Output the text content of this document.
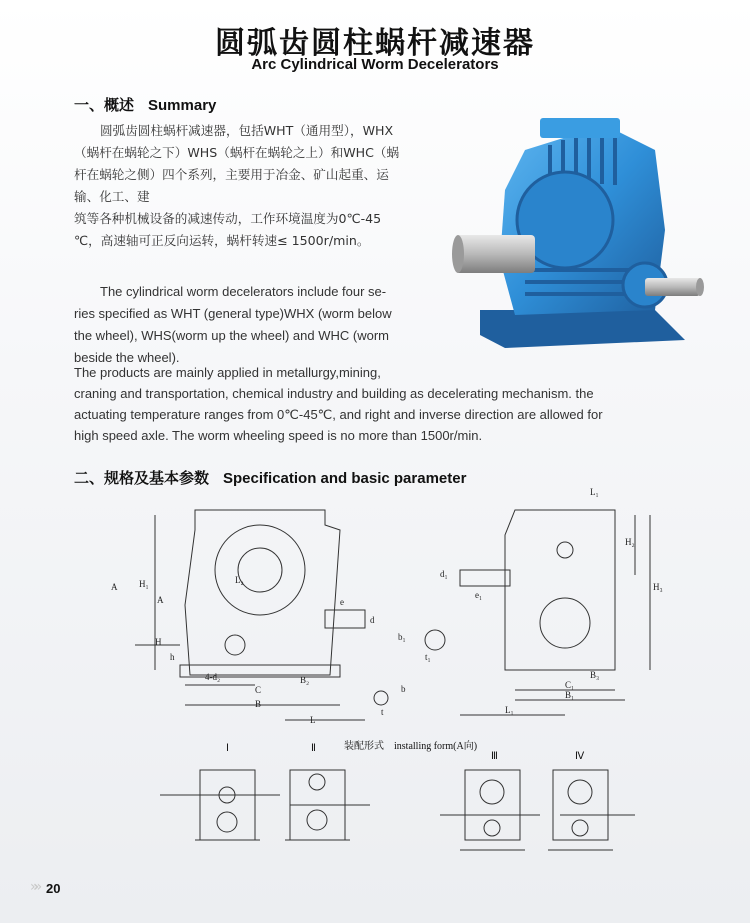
圆弧齿圆柱蜗杆减速器
Arc Cylindrical Worm Decelerators
一、概述 Summary
圆弧齿圆柱蜗杆减速器，包括WHT（通用型），WHX
（蜗杆在蜗轮之下）WHS（蜗杆在蜗轮之上）和WHC（蜗
杆在蜗轮之侧）四个系列，主要用于冶金、矿山起重、运
输、化工、建
筑等各种机械设备的减速传动，工作环境温度为0℃-45
℃，高速轴可正反向运转，蜗杆转速≤ 1500r/min。
The cylindrical worm decelerators include four se-
ries specified as WHT (general type)WHX (worm below
the wheel), WHS(worm up the wheel) and WHC (worm
beside the wheel).
The products are mainly applied in metallurgy,mining,
craning and transportation, chemical industry and building as decelerating mechanism. the
actuating temperature ranges from 0℃-45℃, and right and inverse direction are allowed for
high speed axle. The worm wheeling speed is no more than 1500r/min.
二、规格及基本参数 Specification and basic parameter
A H₁
A
H
h
L₂
e
d
4-d₂
C
B₂
B
L
b₁
t₁
b
t
L₁
H₂
H₃
d₁
e₁
B₃
C₁
B₁
L₁
装配形式　installing form(A向)
Ⅰ	Ⅱ
Ⅲ	Ⅳ
»» 20
